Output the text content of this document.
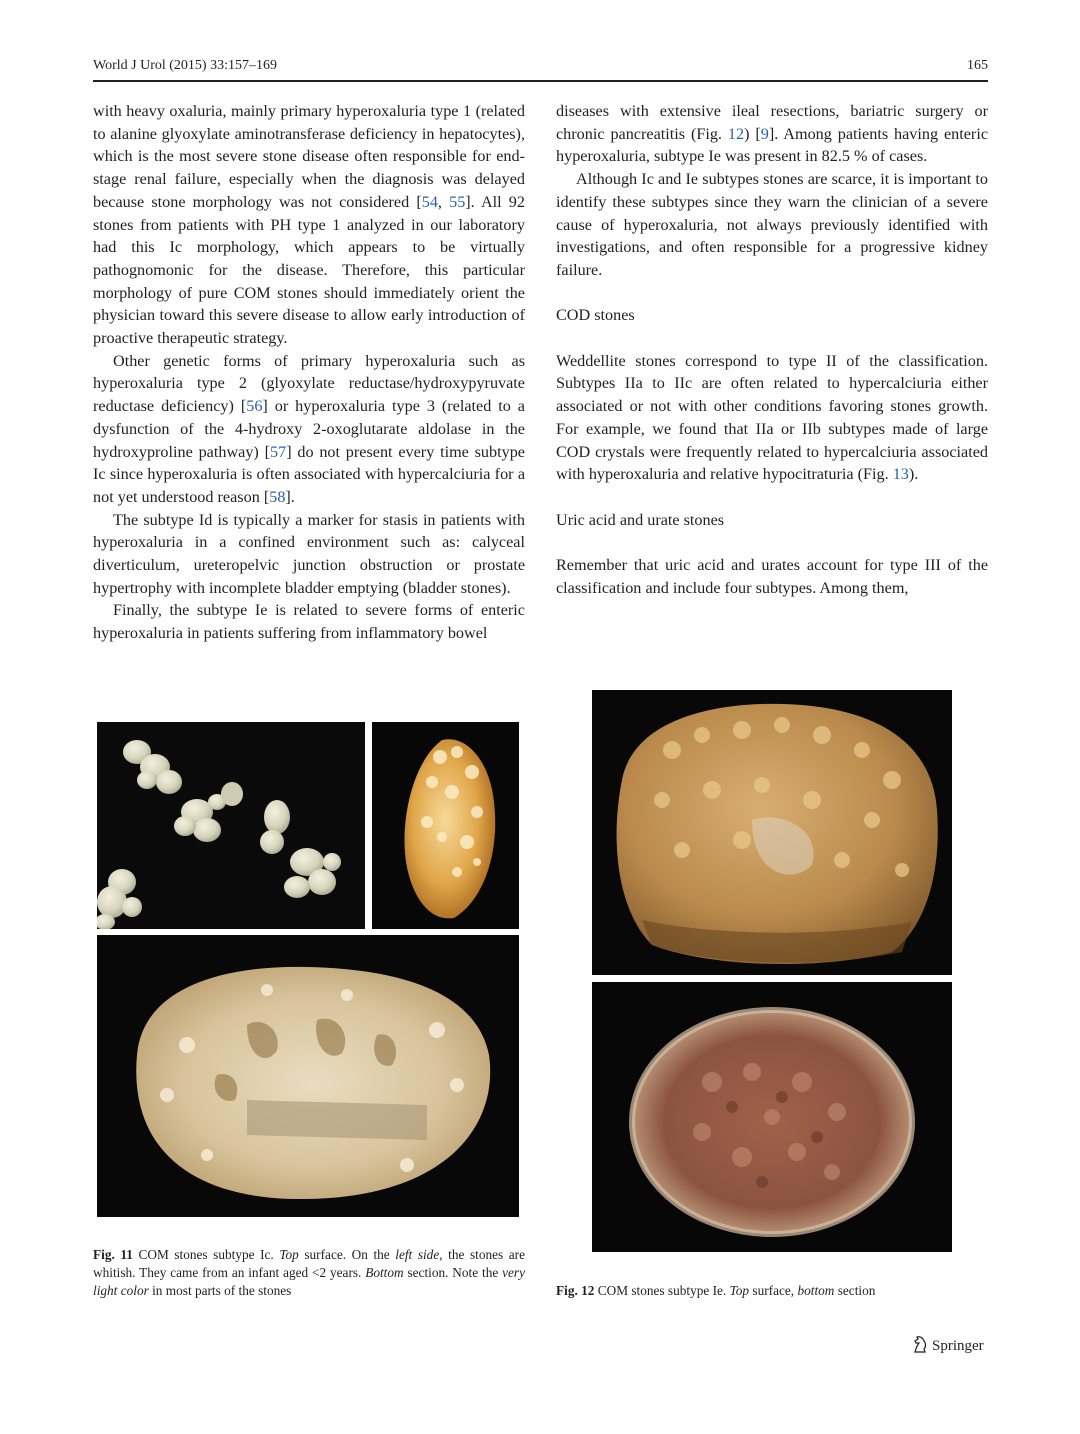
World J Urol (2015) 33:157–169	165

with heavy oxaluria, mainly primary hyperoxaluria type 1 (related to alanine glyoxylate aminotransferase deficiency in hepatocytes), which is the most severe stone disease often responsible for end-stage renal failure, especially when the diagnosis was delayed because stone morphology was not considered [54, 55]. All 92 stones from patients with PH type 1 analyzed in our laboratory had this Ic morphology, which appears to be virtually pathognomonic for the disease. Therefore, this particular morphology of pure COM stones should immediately orient the physician toward this severe disease to allow early introduction of proactive therapeutic strategy.

Other genetic forms of primary hyperoxaluria such as hyperoxaluria type 2 (glyoxylate reductase/hydroxypyruvate reductase deficiency) [56] or hyperoxaluria type 3 (related to a dysfunction of the 4-hydroxy 2-oxoglutarate aldolase in the hydroxyproline pathway) [57] do not present every time subtype Ic since hyperoxaluria is often associated with hypercalciuria for a not yet understood reason [58].

The subtype Id is typically a marker for stasis in patients with hyperoxaluria in a confined environment such as: calyceal diverticulum, ureteropelvic junction obstruction or prostate hypertrophy with incomplete bladder emptying (bladder stones).

Finally, the subtype Ie is related to severe forms of enteric hyperoxaluria in patients suffering from inflammatory bowel

diseases with extensive ileal resections, bariatric surgery or chronic pancreatitis (Fig. 12) [9]. Among patients having enteric hyperoxaluria, subtype Ie was present in 82.5 % of cases.

Although Ic and Ie subtypes stones are scarce, it is important to identify these subtypes since they warn the clinician of a severe cause of hyperoxaluria, not always previously identified with investigations, and often responsible for a progressive kidney failure.

COD stones

Weddellite stones correspond to type II of the classification. Subtypes IIa to IIc are often related to hypercalciuria either associated or not with other conditions favoring stones growth. For example, we found that IIa or IIb subtypes made of large COD crystals were frequently related to hypercalciuria associated with hyperoxaluria and relative hypocitraturia (Fig. 13).

Uric acid and urate stones

Remember that uric acid and urates account for type III of the classification and include four subtypes. Among them,

Fig. 11 COM stones subtype Ic. Top surface. On the left side, the stones are whitish. They came from an infant aged <2 years. Bottom section. Note the very light color in most parts of the stones	Fig. 12 COM stones subtype Ie. Top surface, bottom section
Springer
